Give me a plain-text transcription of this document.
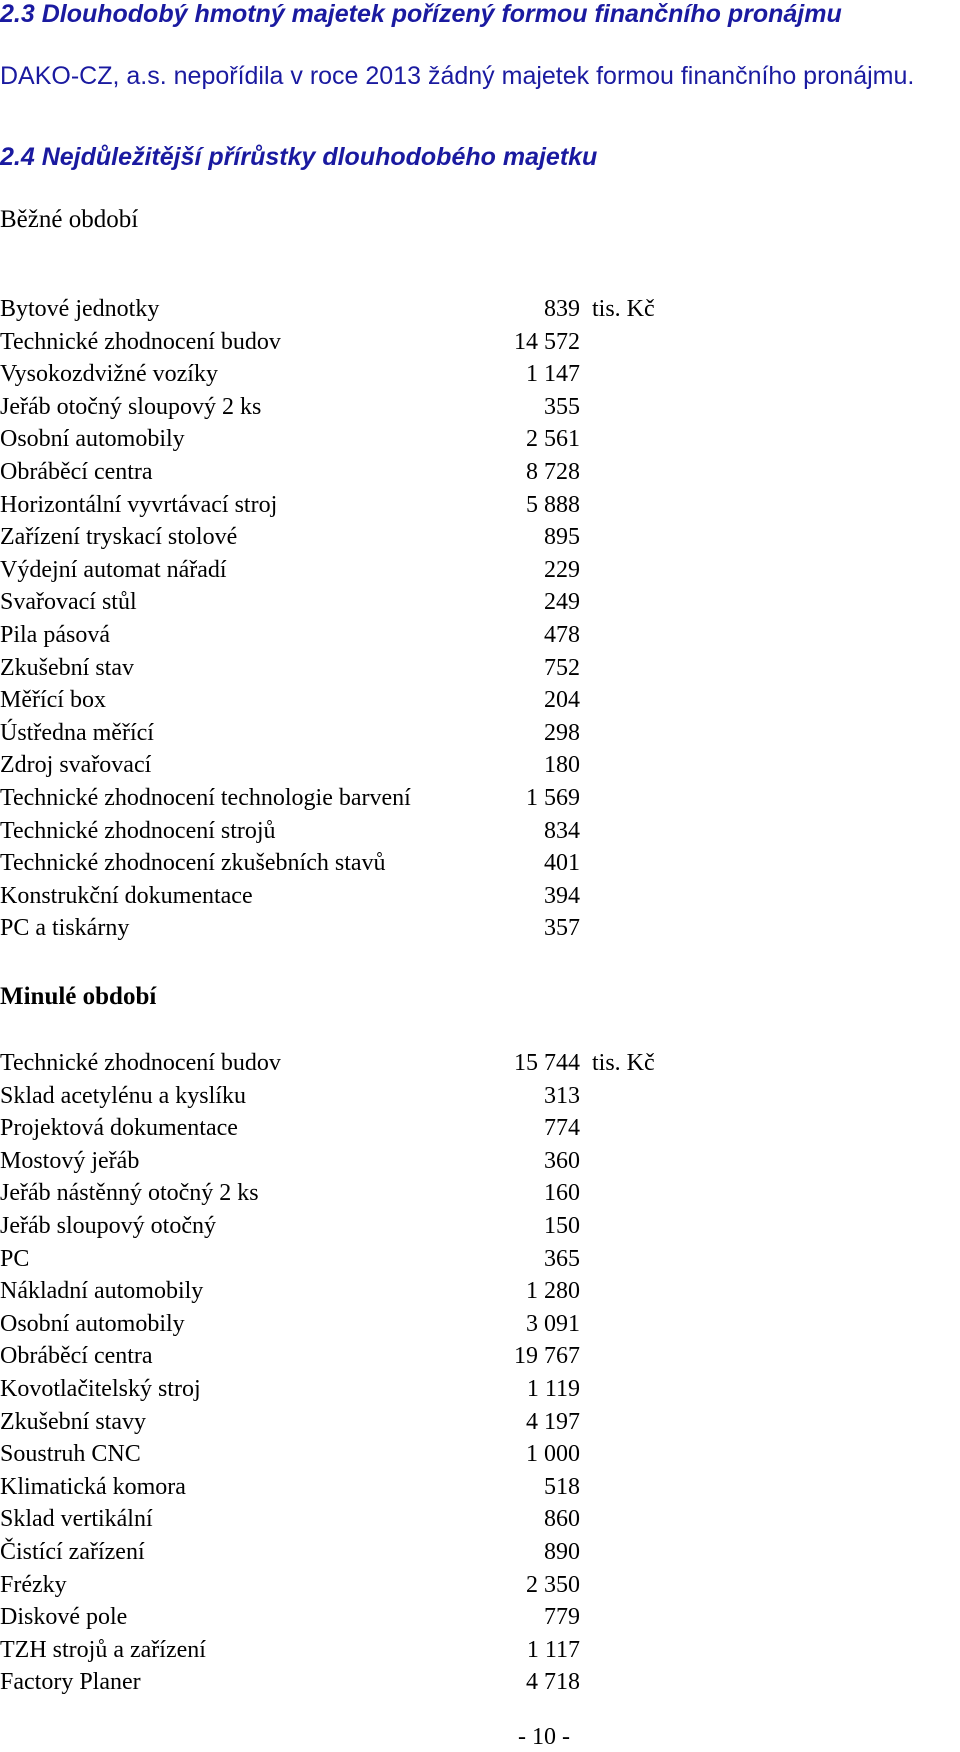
2.3 Dlouhodobý hmotný majetek pořízený formou finančního pronájmu
DAKO-CZ, a.s. nepořídila v roce 2013 žádný majetek formou finančního pronájmu.
2.4 Nejdůležitější přírůstky dlouhodobého majetku
Běžné období
Bytové jednotky	839 tis. Kč
Technické zhodnocení budov	14 572
Vysokozdvižné vozíky	1 147
Jeřáb otočný sloupový 2 ks	355
Osobní automobily	2 561
Obráběcí centra	8 728
Horizontální vyvrtávací stroj	5 888
Zařízení tryskací stolové	895
Výdejní automat nářadí	229
Svařovací stůl	249
Pila pásová	478
Zkušební stav	752
Měřící box	204
Ústředna měřící	298
Zdroj svařovací	180
Technické zhodnocení technologie barvení	1 569
Technické zhodnocení strojů	834
Technické zhodnocení zkušebních stavů	401
Konstrukční dokumentace	394
PC a tiskárny	357
Minulé období
Technické zhodnocení budov	15 744 tis. Kč
Sklad acetylénu a kyslíku	313
Projektová dokumentace	774
Mostový jeřáb	360
Jeřáb nástěnný otočný 2 ks	160
Jeřáb sloupový otočný	150
PC	365
Nákladní automobily	1 280
Osobní automobily	3 091
Obráběcí centra	19 767
Kovotlačitelský stroj	1 119
Zkušební stavy	4 197
Soustruh CNC	1 000
Klimatická komora	518
Sklad vertikální	860
Čistící zařízení	890
Frézky	2 350
Diskové pole	779
TZH strojů a zařízení	1 117
Factory Planer	4 718
- 10 -
